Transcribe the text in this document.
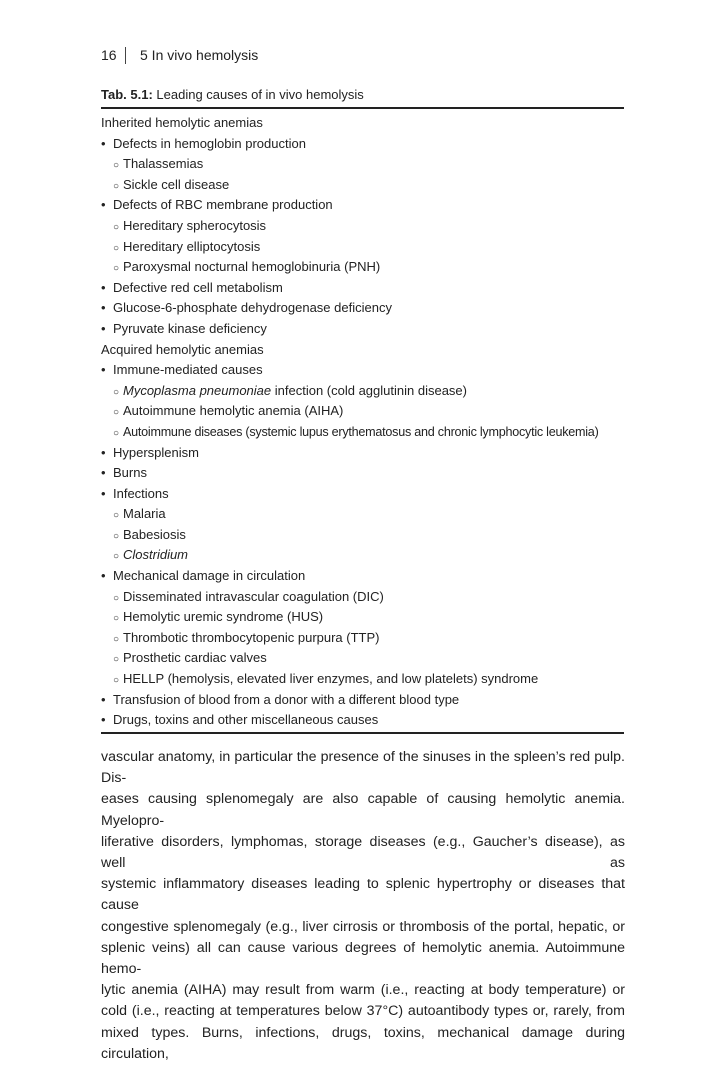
16 5 In vivo hemolysis
Tab. 5.1: Leading causes of in vivo hemolysis
Inherited hemolytic anemias
• Defects in hemoglobin production
○ Thalassemias
○ Sickle cell disease
• Defects of RBC membrane production
○ Hereditary spherocytosis
○ Hereditary elliptocytosis
○ Paroxysmal nocturnal hemoglobinuria (PNH)
• Defective red cell metabolism
• Glucose-6-phosphate dehydrogenase deficiency
• Pyruvate kinase deficiency
Acquired hemolytic anemias
• Immune-mediated causes
○ Mycoplasma pneumoniae infection (cold agglutinin disease)
○ Autoimmune hemolytic anemia (AIHA)
○ Autoimmune diseases (systemic lupus erythematosus and chronic lymphocytic leukemia)
• Hypersplenism
• Burns
• Infections
○ Malaria
○ Babesiosis
○ Clostridium
• Mechanical damage in circulation
○ Disseminated intravascular coagulation (DIC)
○ Hemolytic uremic syndrome (HUS)
○ Thrombotic thrombocytopenic purpura (TTP)
○ Prosthetic cardiac valves
○ HELLP (hemolysis, elevated liver enzymes, and low platelets) syndrome
• Transfusion of blood from a donor with a different blood type
• Drugs, toxins and other miscellaneous causes

vascular anatomy, in particular the presence of the sinuses in the spleen’s red pulp. Dis-

eases causing splenomegaly are also capable of causing hemolytic anemia. Myelopro-

liferative disorders, lymphomas, storage diseases (e.g., Gaucher’s disease), as well as

systemic inflammatory diseases leading to splenic hypertrophy or diseases that cause

congestive splenomegaly (e.g., liver cirrosis or thrombosis of the portal, hepatic, or

splenic veins) all can cause various degrees of hemolytic anemia. Autoimmune hemo-

lytic anemia (AIHA) may result from warm (i.e., reacting at body temperature) or

cold (i.e., reacting at temperatures below 37°C) autoantibody types or, rarely, from

mixed types. Burns, infections, drugs, toxins, mechanical damage during circulation,
